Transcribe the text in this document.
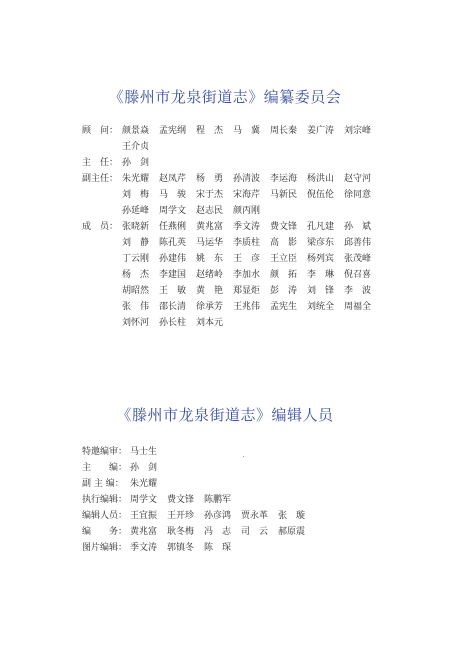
《滕州市龙泉街道志》编纂委员会
顾　问： 颜景焱	孟宪纲	程　杰	马　冀	周长秦	姜广涛	刘宗峰
王介贞
主　任： 孙　剑
副主任： 朱光耀	赵凤芹	杨　勇	孙清波	李运海	杨洪山	赵守河
刘　梅	马　骏	宋于杰	宋海芹	马新民	倪伍伦	徐同意
孙延峰	周学文	赵志民	颜丙刚
成　员： 张晓新	任燕俐	黄兆富	季文涛	费文锋	孔凡建	孙　斌
刘　静	陈孔英	马运华	李质柱	高　影	梁彦东	邱善伟
丁云刚	孙建伟	姚　东	王　彦	王立臣	杨列宾	张茂峰
杨　杰	李建国	赵绪岭	李加水	颜　拓	李　琳	倪召喜
胡昭然	王　敏	黄　艳	郑显炬	彭　涛	刘　锋	李　波
张　伟	邵长清	徐承芳	王兆伟	孟宪生	刘统全	周福全
刘怀河	孙长柱	刘本元
《滕州市龙泉街道志》编辑人员
特邀编审： 马士生
主　　编： 孙　剑
副 主 编： 朱光耀
执行编辑： 周学文	费文锋	陈鹏军
编辑人员： 王宜振	王开珍	孙彦鸿	贾永革	张　璇
编　　务： 黄兆富	耿冬梅	冯　志	司　云	郝原震
图片编辑： 季文涛	郭镇冬	陈　琛
